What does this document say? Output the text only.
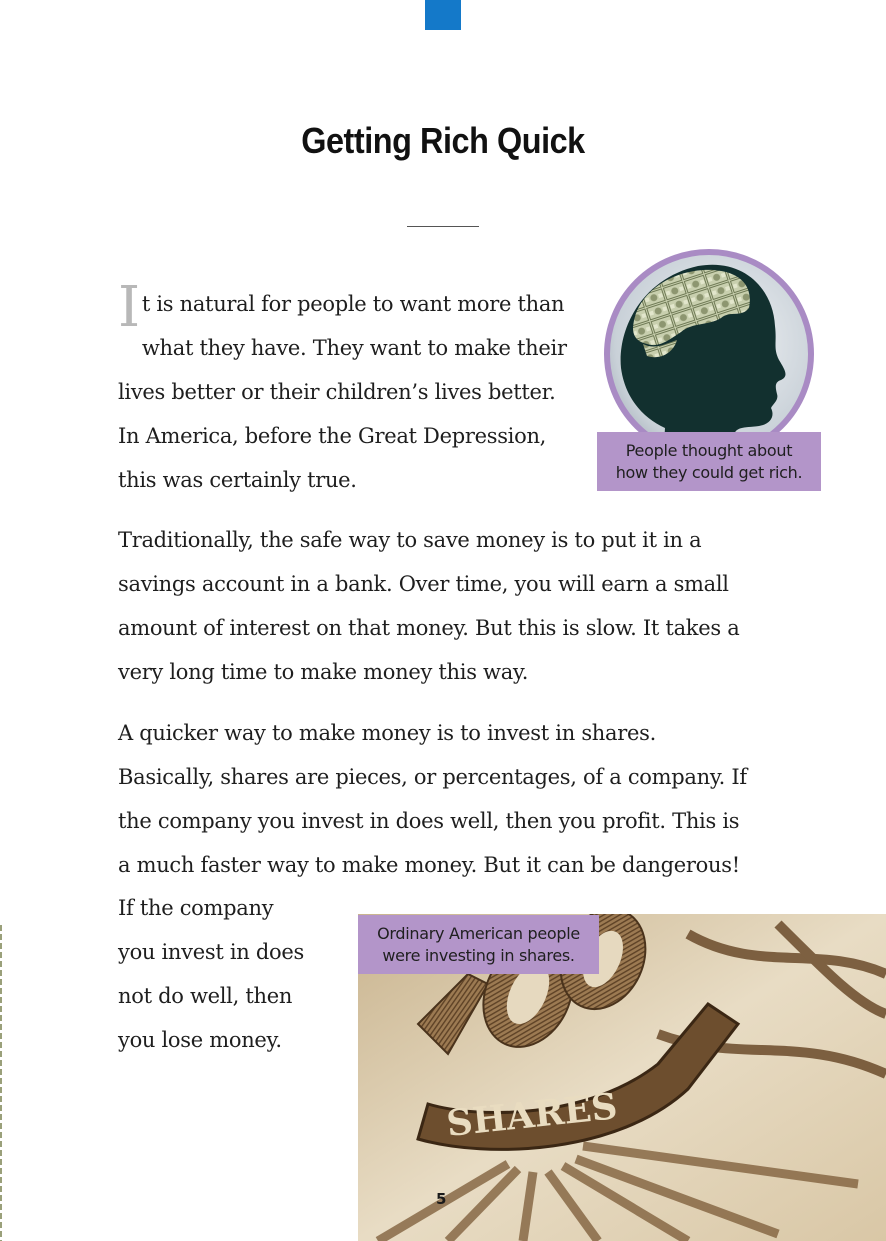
Getting Rich Quick

It is natural for people to want more than
what they have. They want to make their
lives better or their children’s lives better.
In America, before the Great Depression,
this was certainly true.

People thought about
how they could get rich.

Traditionally, the safe way to save money is to put it in a
savings account in a bank. Over time, you will earn a small
amount of interest on that money. But this is slow. It takes a
very long time to make money this way.

A quicker way to make money is to invest in shares.
Basically, shares are pieces, or percentages, of a company. If
the company you invest in does well, then you profit. This is
a much faster way to make money. But it can be dangerous!

If the company
you invest in does
not do well, then
you lose money.

SHARES
Ordinary American people
were investing in shares.
5
